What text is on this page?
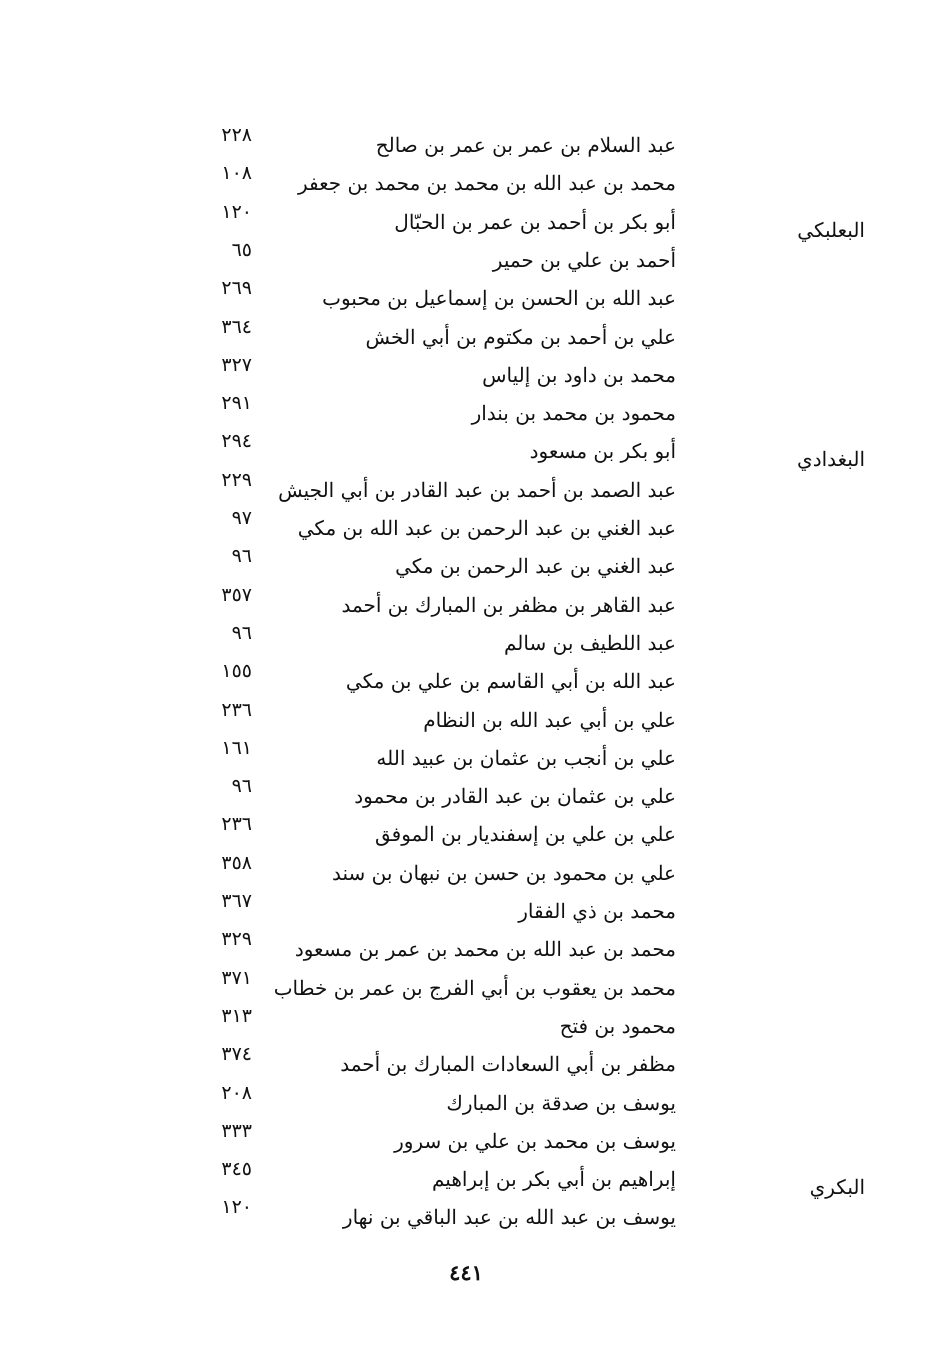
عبد السلام بن عمر بن عمر بن صالح
٢٢٨
محمد بن عبد الله بن محمد بن محمد بن جعفر
١٠٨
البعلبكي
أبو بكر بن أحمد بن عمر بن الحبّال
١٢٠
أحمد بن علي بن حمير
٦٥
عبد الله بن الحسن بن إسماعيل بن محبوب
٢٦٩
علي بن أحمد بن مكتوم بن أبي الخش
٣٦٤
محمد بن داود بن إلياس
٣٢٧
محمود بن محمد بن بندار
٢٩١
البغدادي
أبو بكر بن مسعود
٢٩٤
عبد الصمد بن أحمد بن عبد القادر بن أبي الجيش
٢٢٩
عبد الغني بن عبد الرحمن بن عبد الله بن مكي
٩٧
عبد الغني بن عبد الرحمن بن مكي
٩٦
عبد القاهر بن مظفر بن المبارك بن أحمد
٣٥٧
عبد اللطيف بن سالم
٩٦
عبد الله بن أبي القاسم بن علي بن مكي
١٥٥
علي بن أبي عبد الله بن النظام
٢٣٦
علي بن أنجب بن عثمان بن عبيد الله
١٦١
علي بن عثمان بن عبد القادر بن محمود
٩٦
علي بن علي بن إسفنديار بن الموفق
٢٣٦
علي بن محمود بن حسن بن نبهان بن سند
٣٥٨
محمد بن ذي الفقار
٣٦٧
محمد بن عبد الله بن محمد بن عمر بن مسعود
٣٢٩
محمد بن يعقوب بن أبي الفرج بن عمر بن خطاب
٣٧١
محمود بن فتح
٣١٣
مظفر بن أبي السعادات المبارك بن أحمد
٣٧٤
يوسف بن صدقة بن المبارك
٢٠٨
يوسف بن محمد بن علي بن سرور
٣٣٣
البكري
إبراهيم بن أبي بكر بن إبراهيم
٣٤٥
يوسف بن عبد الله بن عبد الباقي بن نهار
١٢٠
٤٤١
